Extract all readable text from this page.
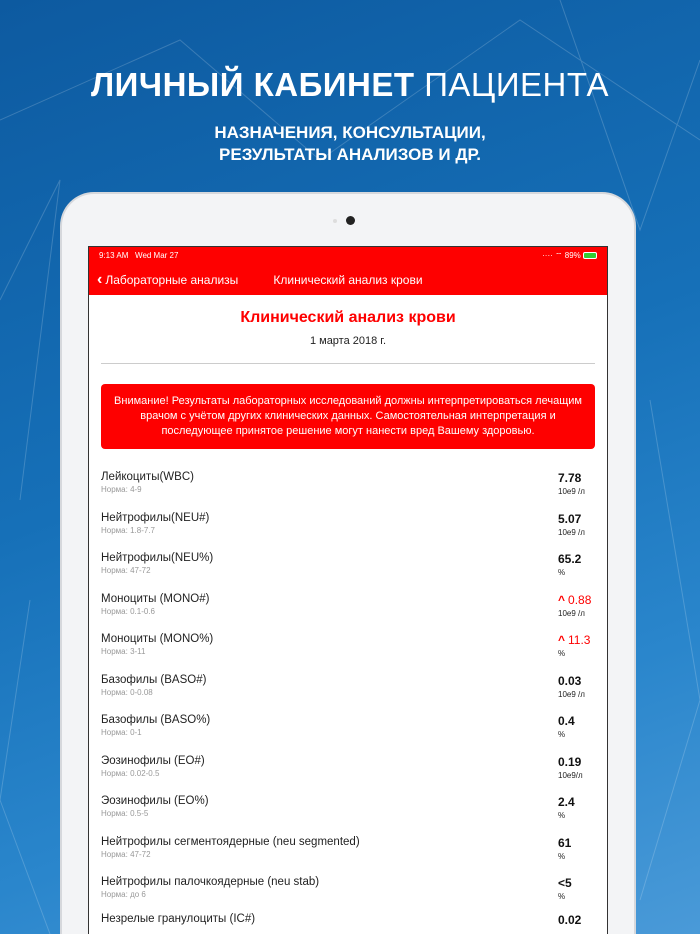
ЛИЧНЫЙ КАБИНЕТ ПАЦИЕНТА

НАЗНАЧЕНИЯ, КОНСУЛЬТАЦИИ,
РЕЗУЛЬТАТЫ АНАЛИЗОВ И ДР.

9:13 AM Wed Mar 27	···· ⌔ 89%
‹ Лабораторные анализы	Клинический анализ крови
Клинический анализ крови
1 марта 2018 г.
Внимание! Результаты лабораторных исследований должны интерпретироваться лечащим врачом с учётом других клинических данных. Самостоятельная интерпретация и последующее принятое решение могут нанести вред Вашему здоровью.
Лейкоциты(WBC)
Норма: 4-9
7.78
10e9 /л
Нейтрофилы(NEU#)
Норма: 1.8-7.7
5.07
10e9 /л
Нейтрофилы(NEU%)
Норма: 47-72
65.2
%
Моноциты (MONO#)
Норма: 0.1-0.6
^ 0.88
10e9 /л
Моноциты (MONO%)
Норма: 3-11
^ 11.3
%
Базофилы (BASO#)
Норма: 0-0.08
0.03
10e9 /л
Базофилы (BASO%)
Норма: 0-1
0.4
%
Эозинофилы (EO#)
Норма: 0.02-0.5
0.19
10e9/л
Эозинофилы (EO%)
Норма: 0.5-5
2.4
%
Нейтрофилы сегментоядерные (neu segmented)
Норма: 47-72
61
%
Нейтрофилы палочкоядерные (neu stab)
Норма: до 6
<5
%
Незрелые гранулоциты (IC#)	0.02
